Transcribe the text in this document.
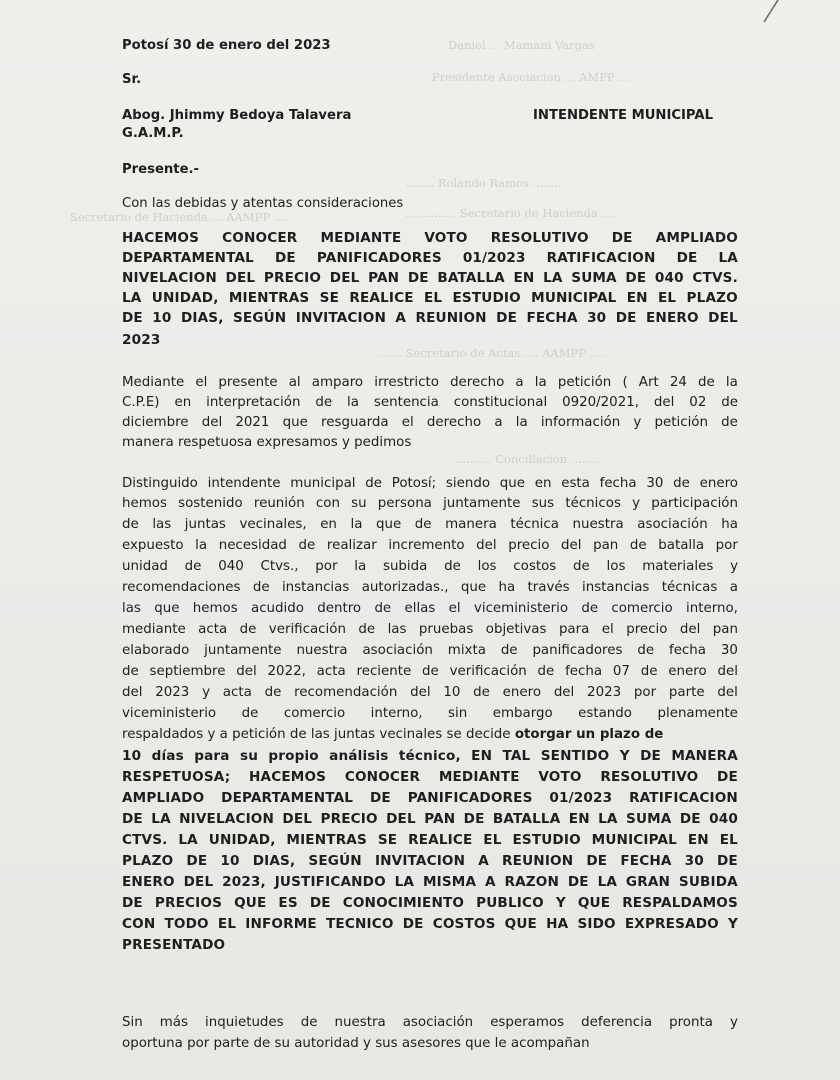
Daniel ... Mamani Vargas
Presidente Asociacion ... AMPP ...
........ Rolando Ramos ........
.............. Secretario de Hacienda ....
Secretario de Hacienda ... AAMPP ....
...... Secretario de Actas .... AAMPP ....
.......... Conciliacion ........
Potosí 30 de enero del 2023
Sr.
Abog. Jhimmy Bedoya Talavera	INTENDENTE MUNICIPAL
G.A.M.P.
Presente.-
Con las debidas y atentas consideraciones
HACEMOS CONOCER MEDIANTE VOTO RESOLUTIVO DE AMPLIADO
DEPARTAMENTAL DE PANIFICADORES 01/2023 RATIFICACION DE LA
NIVELACION DEL PRECIO DEL PAN DE BATALLA EN LA SUMA DE 040 CTVS.
LA UNIDAD, MIENTRAS SE REALICE EL ESTUDIO MUNICIPAL EN EL PLAZO
DE 10 DIAS, SEGÚN INVITACION A REUNION DE FECHA 30 DE ENERO DEL
2023
Mediante el presente al amparo irrestricto derecho a la petición ( Art 24 de la
C.P.E) en interpretación de la sentencia constitucional 0920/2021, del 02 de
diciembre del 2021 que resguarda el derecho a la información y petición de
manera respetuosa expresamos y pedimos
Distinguido intendente municipal de Potosí; siendo que en esta fecha 30 de enero
hemos sostenido reunión con su persona juntamente sus técnicos y participación
de las juntas vecinales, en la que de manera técnica nuestra asociación ha
expuesto la necesidad de realizar incremento del precio del pan de batalla por
unidad de 040 Ctvs., por la subida de los costos de los materiales y
recomendaciones de instancias autorizadas., que ha través instancias técnicas a
las que hemos acudido dentro de ellas el viceministerio de comercio interno,
mediante acta de verificación de las pruebas objetivas para el precio del pan
elaborado juntamente nuestra asociación mixta de panificadores de fecha 30
de septiembre del 2022, acta reciente de verificación de fecha 07 de enero del
del 2023 y acta de recomendación del 10 de enero del 2023 por parte del
viceministerio de comercio interno, sin embargo estando plenamente
respaldados y a petición de las juntas vecinales se decide otorgar un plazo de
10 días para su propio análisis técnico, EN TAL SENTIDO Y DE MANERA
RESPETUOSA; HACEMOS CONOCER MEDIANTE VOTO RESOLUTIVO DE
AMPLIADO DEPARTAMENTAL DE PANIFICADORES 01/2023 RATIFICACION
DE LA NIVELACION DEL PRECIO DEL PAN DE BATALLA EN LA SUMA DE 040
CTVS. LA UNIDAD, MIENTRAS SE REALICE EL ESTUDIO MUNICIPAL EN EL
PLAZO DE 10 DIAS, SEGÚN INVITACION A REUNION DE FECHA 30 DE
ENERO DEL 2023, JUSTIFICANDO LA MISMA A RAZON DE LA GRAN SUBIDA
DE PRECIOS QUE ES DE CONOCIMIENTO PUBLICO Y QUE RESPALDAMOS
CON TODO EL INFORME TECNICO DE COSTOS QUE HA SIDO EXPRESADO Y
PRESENTADO
Sin más inquietudes de nuestra asociación esperamos deferencia pronta y
oportuna por parte de su autoridad y sus asesores que le acompañan
